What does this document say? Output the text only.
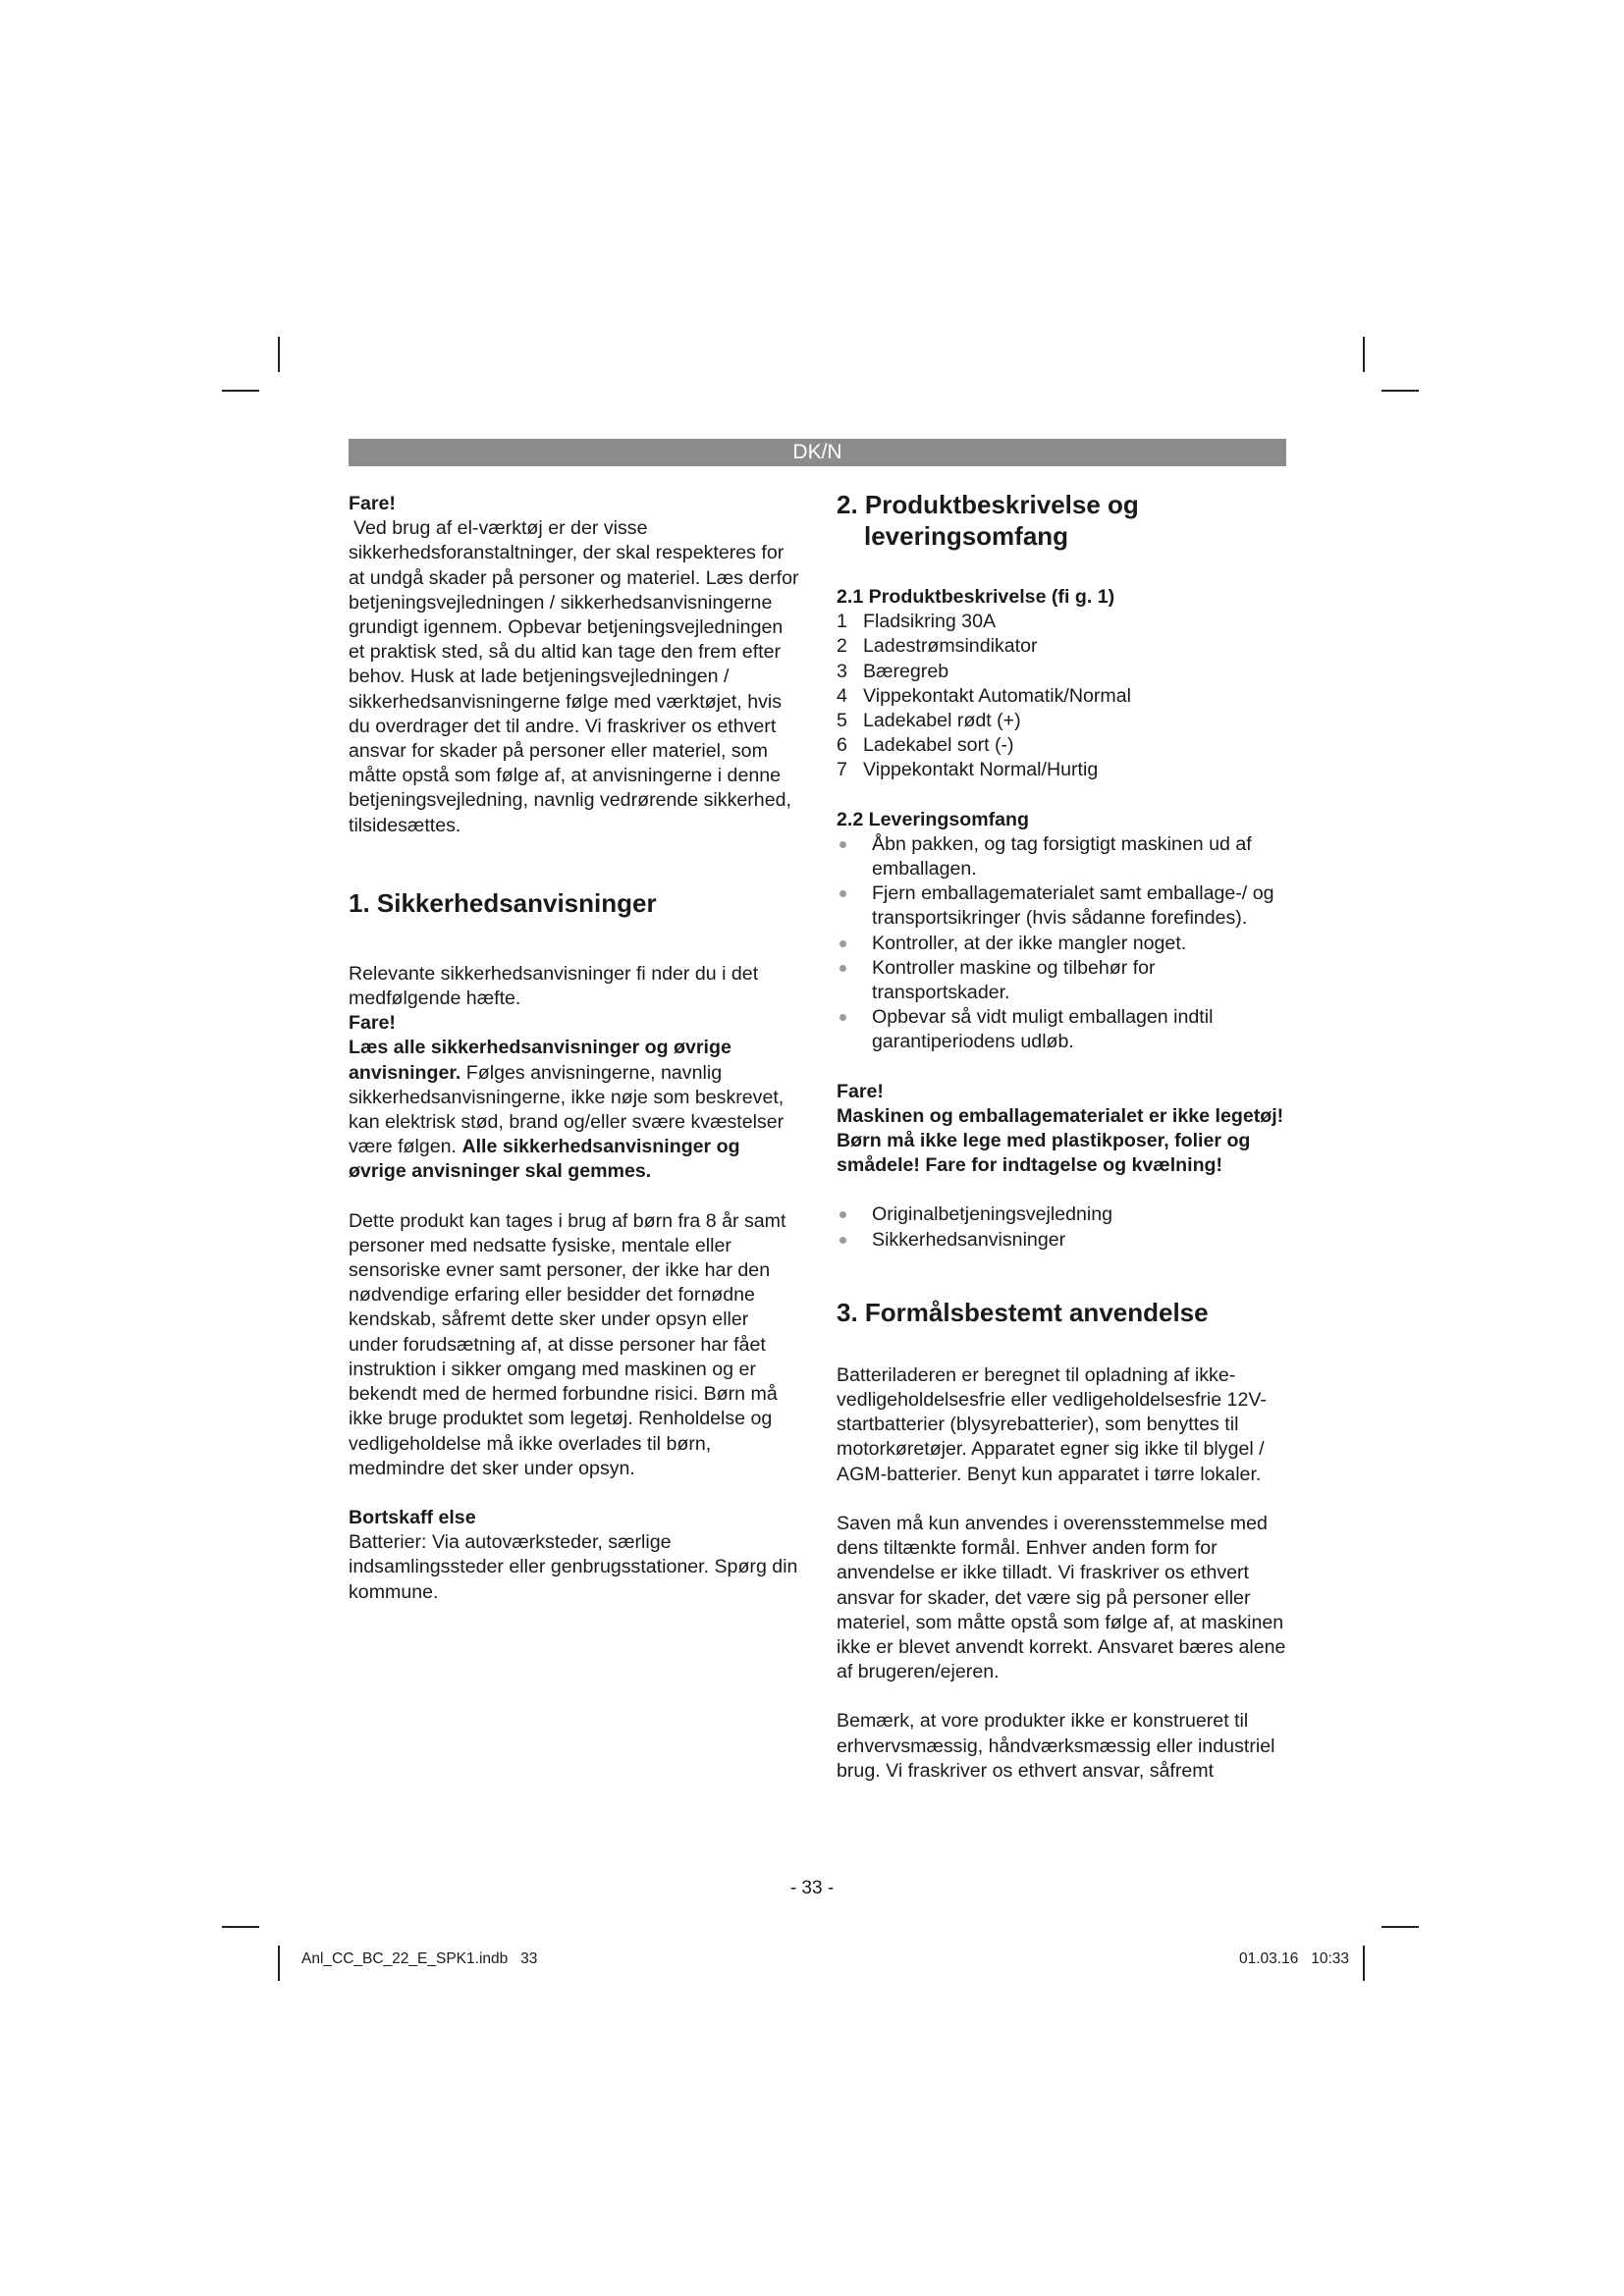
DK/N

Fare!

Ved brug af el-værktøj er der visse sikkerhedsforanstaltninger, der skal respekteres for at undgå skader på personer og materiel. Læs derfor betjeningsvejledningen / sikkerhedsanvisningerne grundigt igennem. Opbevar betjeningsvejledningen et praktisk sted, så du altid kan tage den frem efter behov. Husk at lade betjeningsvejledningen / sikkerhedsanvisningerne følge med værktøjet, hvis du overdrager det til andre. Vi fraskriver os ethvert ansvar for skader på personer eller materiel, som måtte opstå som følge af, at anvisningerne i denne betjeningsvejledning, navnlig vedrørende sikkerhed, tilsidesættes.

1. Sikkerhedsanvisninger

Relevante sikkerhedsanvisninger fi nder du i det medfølgende hæfte.

Fare!

Læs alle sikkerhedsanvisninger og øvrige anvisninger. Følges anvisningerne, navnlig sikkerhedsanvisningerne, ikke nøje som beskrevet, kan elektrisk stød, brand og/eller svære kvæstelser være følgen. Alle sikkerhedsanvisninger og øvrige anvisninger skal gemmes.

Dette produkt kan tages i brug af børn fra 8 år samt personer med nedsatte fysiske, mentale eller sensoriske evner samt personer, der ikke har den nødvendige erfaring eller besidder det fornødne kendskab, såfremt dette sker under opsyn eller under forudsætning af, at disse personer har fået instruktion i sikker omgang med maskinen og er bekendt med de hermed forbundne risici. Børn må ikke bruge produktet som legetøj. Renholdelse og vedligeholdelse må ikke overlades til børn, medmindre det sker under opsyn.

Bortskaff else

Batterier: Via autoværksteder, særlige indsamlingssteder eller genbrugsstationer. Spørg din kommune.

2. Produktbeskrivelse og
leveringsomfang

2.1 Produktbeskrivelse (fi g. 1)

1 Fladsikring 30A
2 Ladestrømsindikator
3 Bæregreb
4 Vippekontakt Automatik/Normal
5 Ladekabel rødt (+)
6 Ladekabel sort (-)
7 Vippekontakt Normal/Hurtig

2.2 Leveringsomfang

Åbn pakken, og tag forsigtigt maskinen ud af emballagen.
Fjern emballagematerialet samt emballage-/ og transportsikringer (hvis sådanne forefindes).
Kontroller, at der ikke mangler noget.
Kontroller maskine og tilbehør for transportskader.
Opbevar så vidt muligt emballagen indtil garantiperiodens udløb.

Fare!

Maskinen og emballagematerialet er ikke legetøj! Børn må ikke lege med plastikposer, folier og smådele! Fare for indtagelse og kvælning!

Originalbetjeningsvejledning
Sikkerhedsanvisninger

3. Formålsbestemt anvendelse

Batteriladeren er beregnet til opladning af ikke-vedligeholdelsesfrie eller vedligeholdelsesfrie 12V-startbatterier (blysyrebatterier), som benyttes til motorkøretøjer. Apparatet egner sig ikke til blygel / AGM-batterier. Benyt kun apparatet i tørre lokaler.

Saven må kun anvendes i overensstemmelse med dens tiltænkte formål. Enhver anden form for anvendelse er ikke tilladt. Vi fraskriver os ethvert ansvar for skader, det være sig på personer eller materiel, som måtte opstå som følge af, at maskinen ikke er blevet anvendt korrekt. Ansvaret bæres alene af brugeren/ejeren.

Bemærk, at vore produkter ikke er konstrueret til erhvervsmæssig, håndværksmæssig eller industriel brug. Vi fraskriver os ethvert ansvar, såfremt

- 33 -
Anl_CC_BC_22_E_SPK1.indb   33	01.03.16   10:33
